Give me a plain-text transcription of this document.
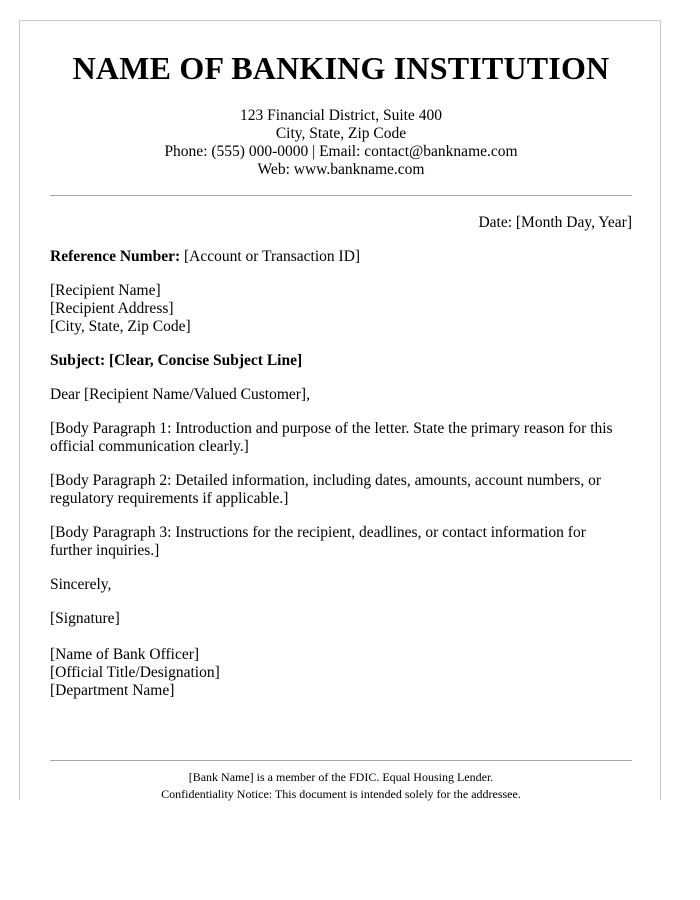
NAME OF BANKING INSTITUTION
123 Financial District, Suite 400
City, State, Zip Code
Phone: (555) 000-0000 | Email: contact@bankname.com
Web: www.bankname.com
Date: [Month Day, Year]
Reference Number: [Account or Transaction ID]
[Recipient Name]
[Recipient Address]
[City, State, Zip Code]
Subject: [Clear, Concise Subject Line]
Dear [Recipient Name/Valued Customer],
[Body Paragraph 1: Introduction and purpose of the letter. State the primary reason for this
official communication clearly.]
[Body Paragraph 2: Detailed information, including dates, amounts, account numbers, or
regulatory requirements if applicable.]
[Body Paragraph 3: Instructions for the recipient, deadlines, or contact information for
further inquiries.]
Sincerely,
[Signature]
[Name of Bank Officer]
[Official Title/Designation]
[Department Name]
[Bank Name] is a member of the FDIC. Equal Housing Lender.
Confidentiality Notice: This document is intended solely for the addressee.
